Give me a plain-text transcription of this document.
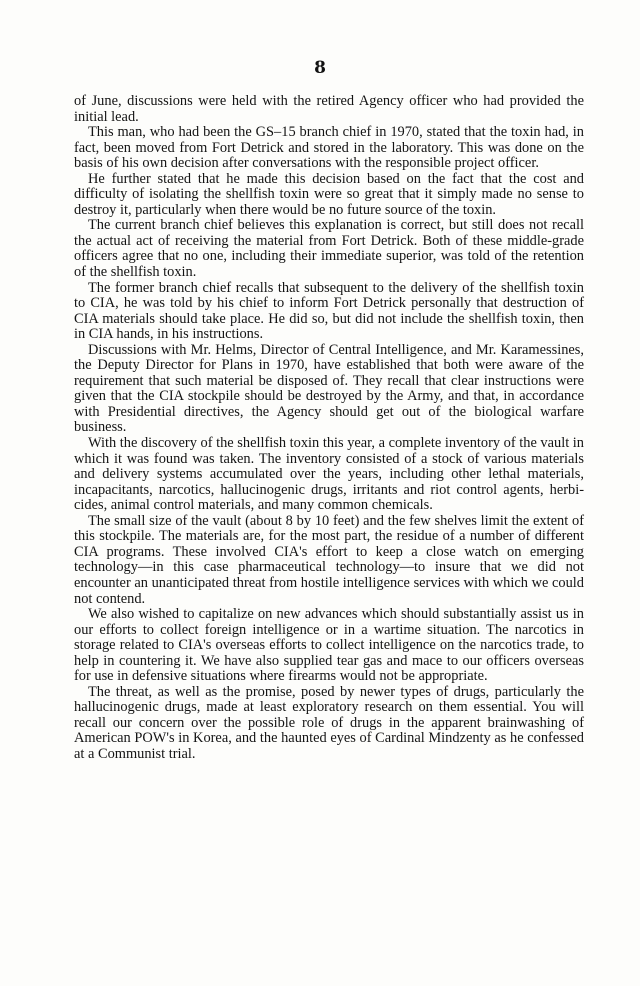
8

of June, discussions were held with the retired Agency officer who had provided the initial lead.

This man, who had been the GS–15 branch chief in 1970, stated that the toxin had, in fact, been moved from Fort Detrick and stored in the laboratory. This was done on the basis of his own decision after conversations with the responsible project officer.

He further stated that he made this decision based on the fact that the cost and difficulty of isolating the shellfish toxin were so great that it simply made no sense to destroy it, particularly when there would be no future source of the toxin.

The current branch chief believes this explanation is correct, but still does not recall the actual act of receiving the material from Fort Detrick. Both of these middle-grade officers agree that no one, including their immediate superior, was told of the retention of the shellfish toxin.

The former branch chief recalls that subsequent to the delivery of the shellfish toxin to CIA, he was told by his chief to inform Fort Detrick personally that destruction of CIA materials should take place. He did so, but did not include the shellfish toxin, then in CIA hands, in his instructions.

Discussions with Mr. Helms, Director of Central Intelligence, and Mr. Karamessines, the Deputy Director for Plans in 1970, have established that both were aware of the requirement that such material be disposed of. They recall that clear instructions were given that the CIA stockpile should be destroyed by the Army, and that, in accordance with Presidential directives, the Agency should get out of the biological warfare business.

With the discovery of the shellfish toxin this year, a complete inventory of the vault in which it was found was taken. The inventory consisted of a stock of various materials and delivery systems accumulated over the years, including other lethal materials, incapacitants, narcotics, hallucinogenic drugs, irritants and riot control agents, herbicides, animal control materials, and many common chemicals.

The small size of the vault (about 8 by 10 feet) and the few shelves limit the extent of this stockpile. The materials are, for the most part, the residue of a number of different CIA programs. These involved CIA's effort to keep a close watch on emerging technology—in this case pharmaceutical technology—to insure that we did not encounter an unanticipated threat from hostile intelligence services with which we could not contend.

We also wished to capitalize on new advances which should substantially assist us in our efforts to collect foreign intelligence or in a wartime situation. The narcotics in storage related to CIA's overseas efforts to collect intelligence on the narcotics trade, to help in countering it. We have also supplied tear gas and mace to our officers overseas for use in defensive situations where firearms would not be appropriate.

The threat, as well as the promise, posed by newer types of drugs, particularly the hallucinogenic drugs, made at least exploratory research on them essential. You will recall our concern over the possible role of drugs in the apparent brainwashing of American POW's in Korea, and the haunted eyes of Cardinal Mindzenty as he confessed at a Communist trial.
